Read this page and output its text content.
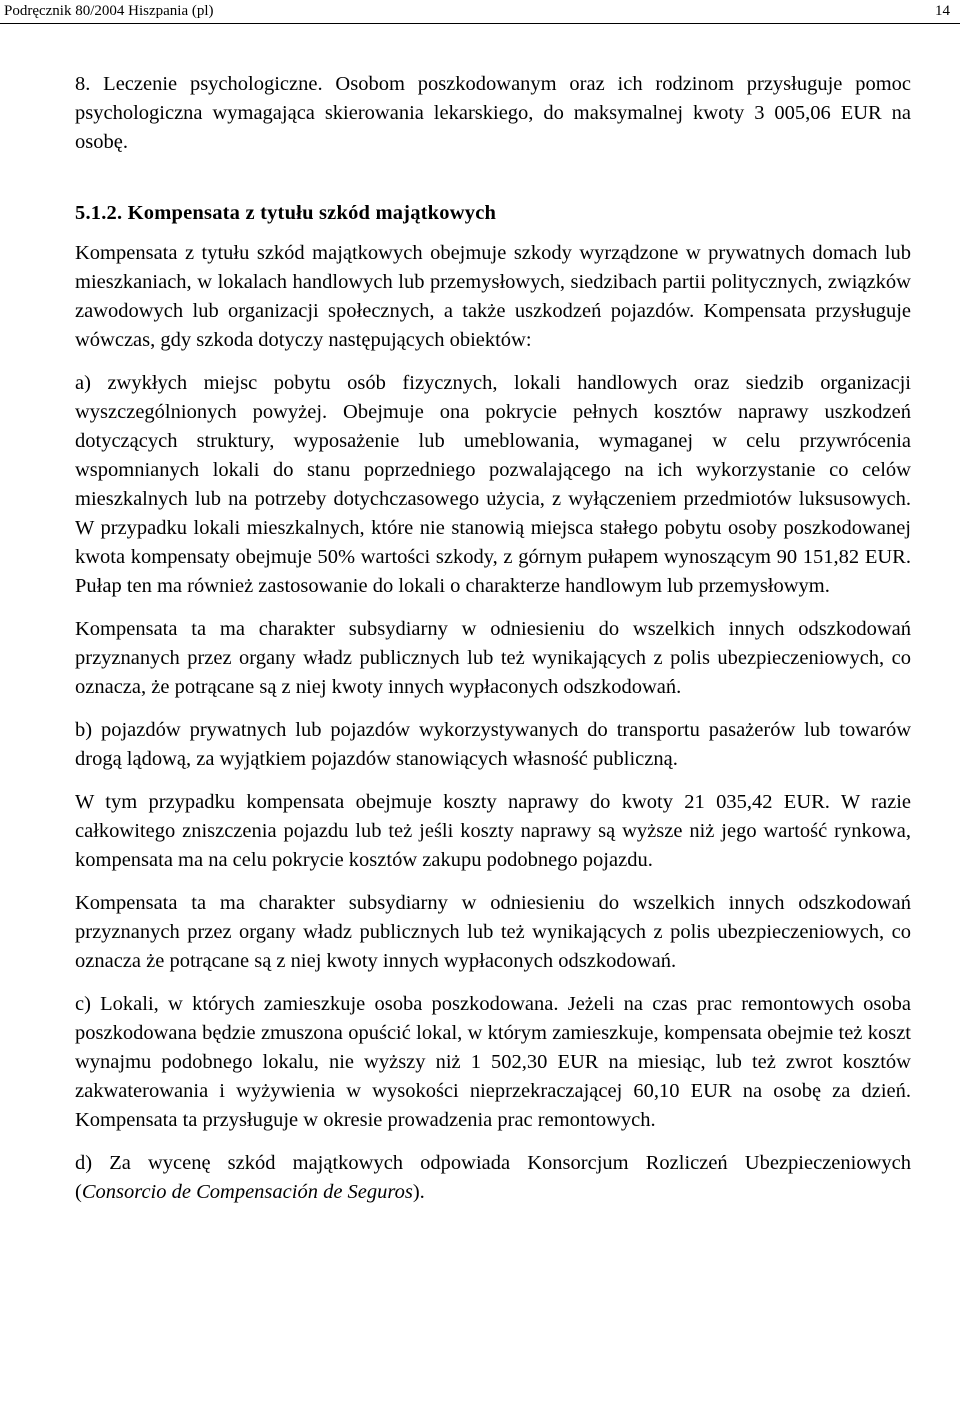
Podręcznik 80/2004 Hiszpania (pl)	14

8. Leczenie psychologiczne. Osobom poszkodowanym oraz ich rodzinom przysługuje pomoc psychologiczna wymagająca skierowania lekarskiego, do maksymalnej kwoty 3 005,06 EUR na osobę.

5.1.2. Kompensata z tytułu szkód majątkowych

Kompensata z tytułu szkód majątkowych obejmuje szkody wyrządzone w prywatnych domach lub mieszkaniach, w lokalach handlowych lub przemysłowych, siedzibach partii politycznych, związków zawodowych lub organizacji społecznych, a także uszkodzeń pojazdów. Kompensata przysługuje wówczas, gdy szkoda dotyczy następujących obiektów:

a) zwykłych miejsc pobytu osób fizycznych, lokali handlowych oraz siedzib organizacji wyszczególnionych powyżej. Obejmuje ona pokrycie pełnych kosztów naprawy uszkodzeń dotyczących struktury, wyposażenie lub umeblowania, wymaganej w celu przywrócenia wspomnianych lokali do stanu poprzedniego pozwalającego na ich wykorzystanie co celów mieszkalnych lub na potrzeby dotychczasowego użycia, z wyłączeniem przedmiotów luksusowych. W przypadku lokali mieszkalnych, które nie stanowią miejsca stałego pobytu osoby poszkodowanej kwota kompensaty obejmuje 50% wartości szkody, z górnym pułapem wynoszącym 90 151,82 EUR. Pułap ten ma również zastosowanie do lokali o charakterze handlowym lub przemysłowym.

Kompensata ta ma charakter subsydiarny w odniesieniu do wszelkich innych odszkodowań przyznanych przez organy władz publicznych lub też wynikających z polis ubezpieczeniowych, co oznacza, że potrącane są z niej kwoty innych wypłaconych odszkodowań.

b) pojazdów prywatnych lub pojazdów wykorzystywanych do transportu pasażerów lub towarów drogą lądową, za wyjątkiem pojazdów stanowiących własność publiczną.

W tym przypadku kompensata obejmuje koszty naprawy do kwoty 21 035,42 EUR. W razie całkowitego zniszczenia pojazdu lub też jeśli koszty naprawy są wyższe niż jego wartość rynkowa, kompensata ma na celu pokrycie kosztów zakupu podobnego pojazdu.

Kompensata ta ma charakter subsydiarny w odniesieniu do wszelkich innych odszkodowań przyznanych przez organy władz publicznych lub też wynikających z polis ubezpieczeniowych, co oznacza że potrącane są z niej kwoty innych wypłaconych odszkodowań.

c) Lokali, w których zamieszkuje osoba poszkodowana. Jeżeli na czas prac remontowych osoba poszkodowana będzie zmuszona opuścić lokal, w którym zamieszkuje, kompensata obejmie też koszt wynajmu podobnego lokalu, nie wyższy niż 1 502,30 EUR na miesiąc, lub też zwrot kosztów zakwaterowania i wyżywienia w wysokości nieprzekraczającej 60,10 EUR na osobę za dzień. Kompensata ta przysługuje w okresie prowadzenia prac remontowych.

d) Za wycenę szkód majątkowych odpowiada Konsorcjum Rozliczeń Ubezpieczeniowych (Consorcio de Compensación de Seguros).
